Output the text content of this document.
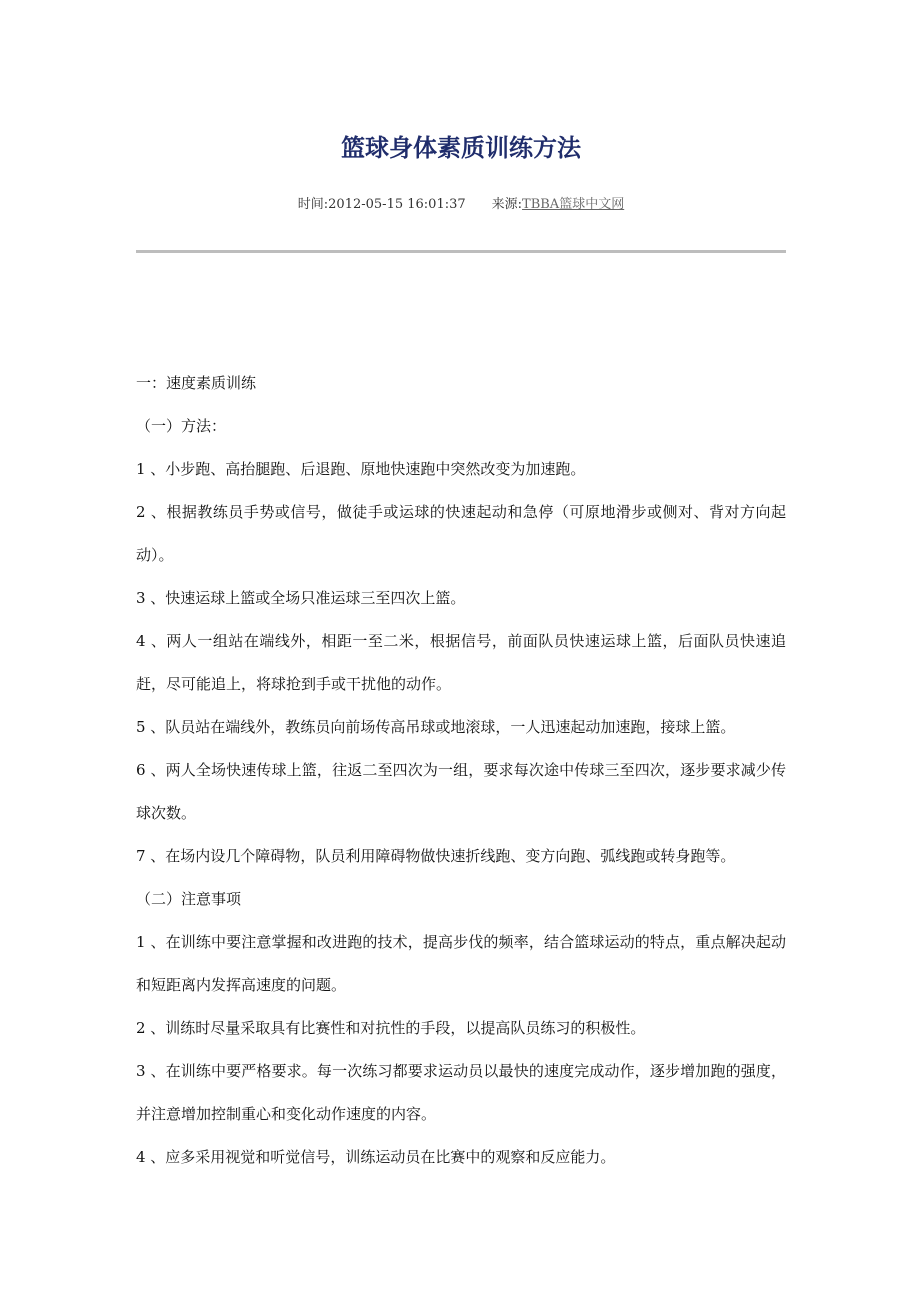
篮球身体素质训练方法
时间:2012-05-15 16:01:37 来源:TBBA篮球中文网

一：速度素质训练

（一）方法：

1 、小步跑、高抬腿跑、后退跑、原地快速跑中突然改变为加速跑。

2 、根据教练员手势或信号，做徒手或运球的快速起动和急停（可原地滑步或侧对、背对方向起动）。

3 、快速运球上篮或全场只准运球三至四次上篮。

4 、两人一组站在端线外，相距一至二米，根据信号，前面队员快速运球上篮，后面队员快速追赶，尽可能追上，将球抢到手或干扰他的动作。

5 、队员站在端线外，教练员向前场传高吊球或地滚球，一人迅速起动加速跑，接球上篮。

6 、两人全场快速传球上篮，往返二至四次为一组，要求每次途中传球三至四次，逐步要求减少传球次数。

7 、在场内设几个障碍物，队员利用障碍物做快速折线跑、变方向跑、弧线跑或转身跑等。

（二）注意事项

1 、在训练中要注意掌握和改进跑的技术，提高步伐的频率，结合篮球运动的特点，重点解决起动和短距离内发挥高速度的问题。

2 、训练时尽量采取具有比赛性和对抗性的手段，以提高队员练习的积极性。

3 、在训练中要严格要求。每一次练习都要求运动员以最快的速度完成动作，逐步增加跑的强度，并注意增加控制重心和变化动作速度的内容。

4 、应多采用视觉和听觉信号，训练运动员在比赛中的观察和反应能力。
